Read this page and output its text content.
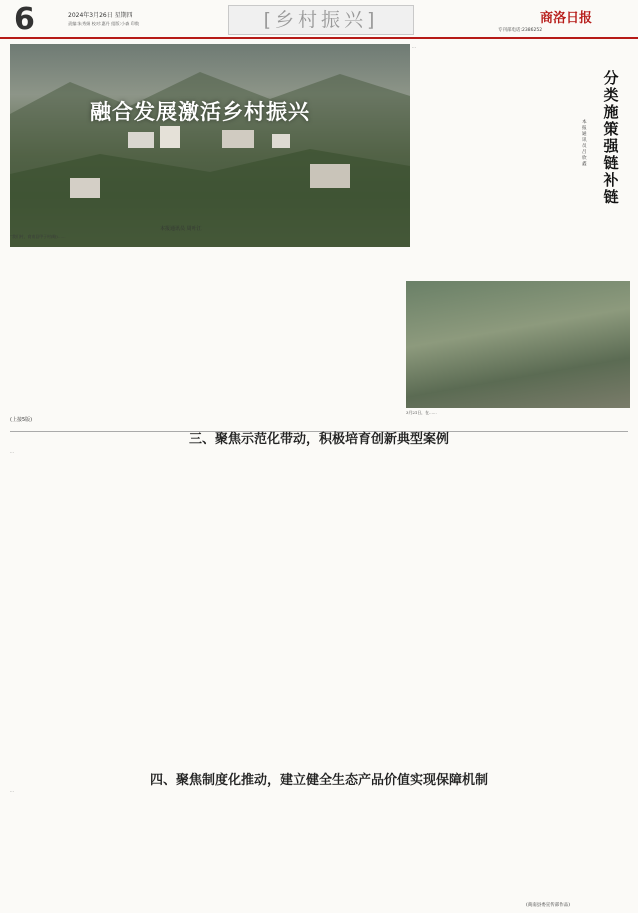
6	2024年3月26日 星期四
责编:朱秀娟 校对:惠丹 组版:小森 印数	[乡村振兴]	商洛日报
专刊部电话:2386252
融合发展激活乡村振兴
本报通讯员 周叶江
“我们村，商南县甲子村(略)……
分类施策强链补链
本报通讯员 吕欣鑫
…
3月21日，在……
(上接5版)
三、聚焦示范化带动，积极培育创新典型案例
…
四、聚焦制度化推动，建立健全生态产品价值实现保障机制
…
(商南县委宣传部作品)
